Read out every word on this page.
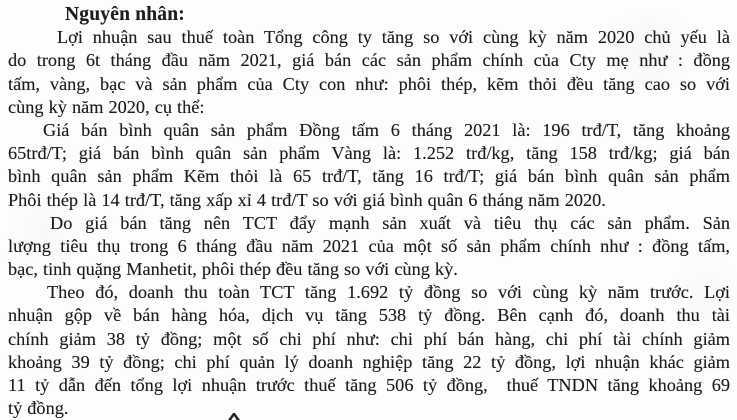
Nguyên nhân:
Lợi nhuận sau thuế toàn Tổng công ty tăng so với cùng kỳ năm 2020 chủ yếu là
do trong 6t tháng đầu năm 2021, giá bán các sản phẩm chính của Cty mẹ như : đồng
tấm, vàng, bạc và sản phẩm của Cty con như: phôi thép, kẽm thỏi đều tăng cao so với
cùng kỳ năm 2020, cụ thể:
Giá bán bình quân sản phẩm Đồng tấm 6 tháng 2021 là: 196 trđ/T, tăng khoảng
65trđ/T; giá bán bình quân sản phẩm Vàng là: 1.252 trđ/kg, tăng 158 trđ/kg; giá bán
bình quân sản phẩm Kẽm thỏi là 65 trđ/T, tăng 16 trđ/T; giá bán bình quân sản phẩm
Phôi thép là 14 trđ/T, tăng xấp xỉ 4 trđ/T so với giá bình quân 6 tháng năm 2020.
Do giá bán tăng nên TCT đẩy mạnh sản xuất và tiêu thụ các sản phẩm. Sản
lượng tiêu thụ trong 6 tháng đầu năm 2021 của một số sản phẩm chính như : đồng tấm,
bạc, tinh quặng Manhetit, phôi thép đều tăng so với cùng kỳ.
Theo đó, doanh thu toàn TCT tăng 1.692 tỷ đồng so với cùng kỳ năm trước. Lợi
nhuận gộp về bán hàng hóa, dịch vụ tăng 538 tỷ đồng. Bên cạnh đó, doanh thu tài
chính giảm 38 tỷ đồng; một số chi phí như: chi phí bán hàng, chi phí tài chính giảm
khoảng 39 tỷ đồng; chi phí quản lý doanh nghiệp tăng 22 tỷ đồng, lợi nhuận khác giảm
11 tỷ dẫn đến tổng lợi nhuận trước thuế tăng 506 tỷ đồng,  thuế TNDN tăng khoảng 69
tỷ đồng.
